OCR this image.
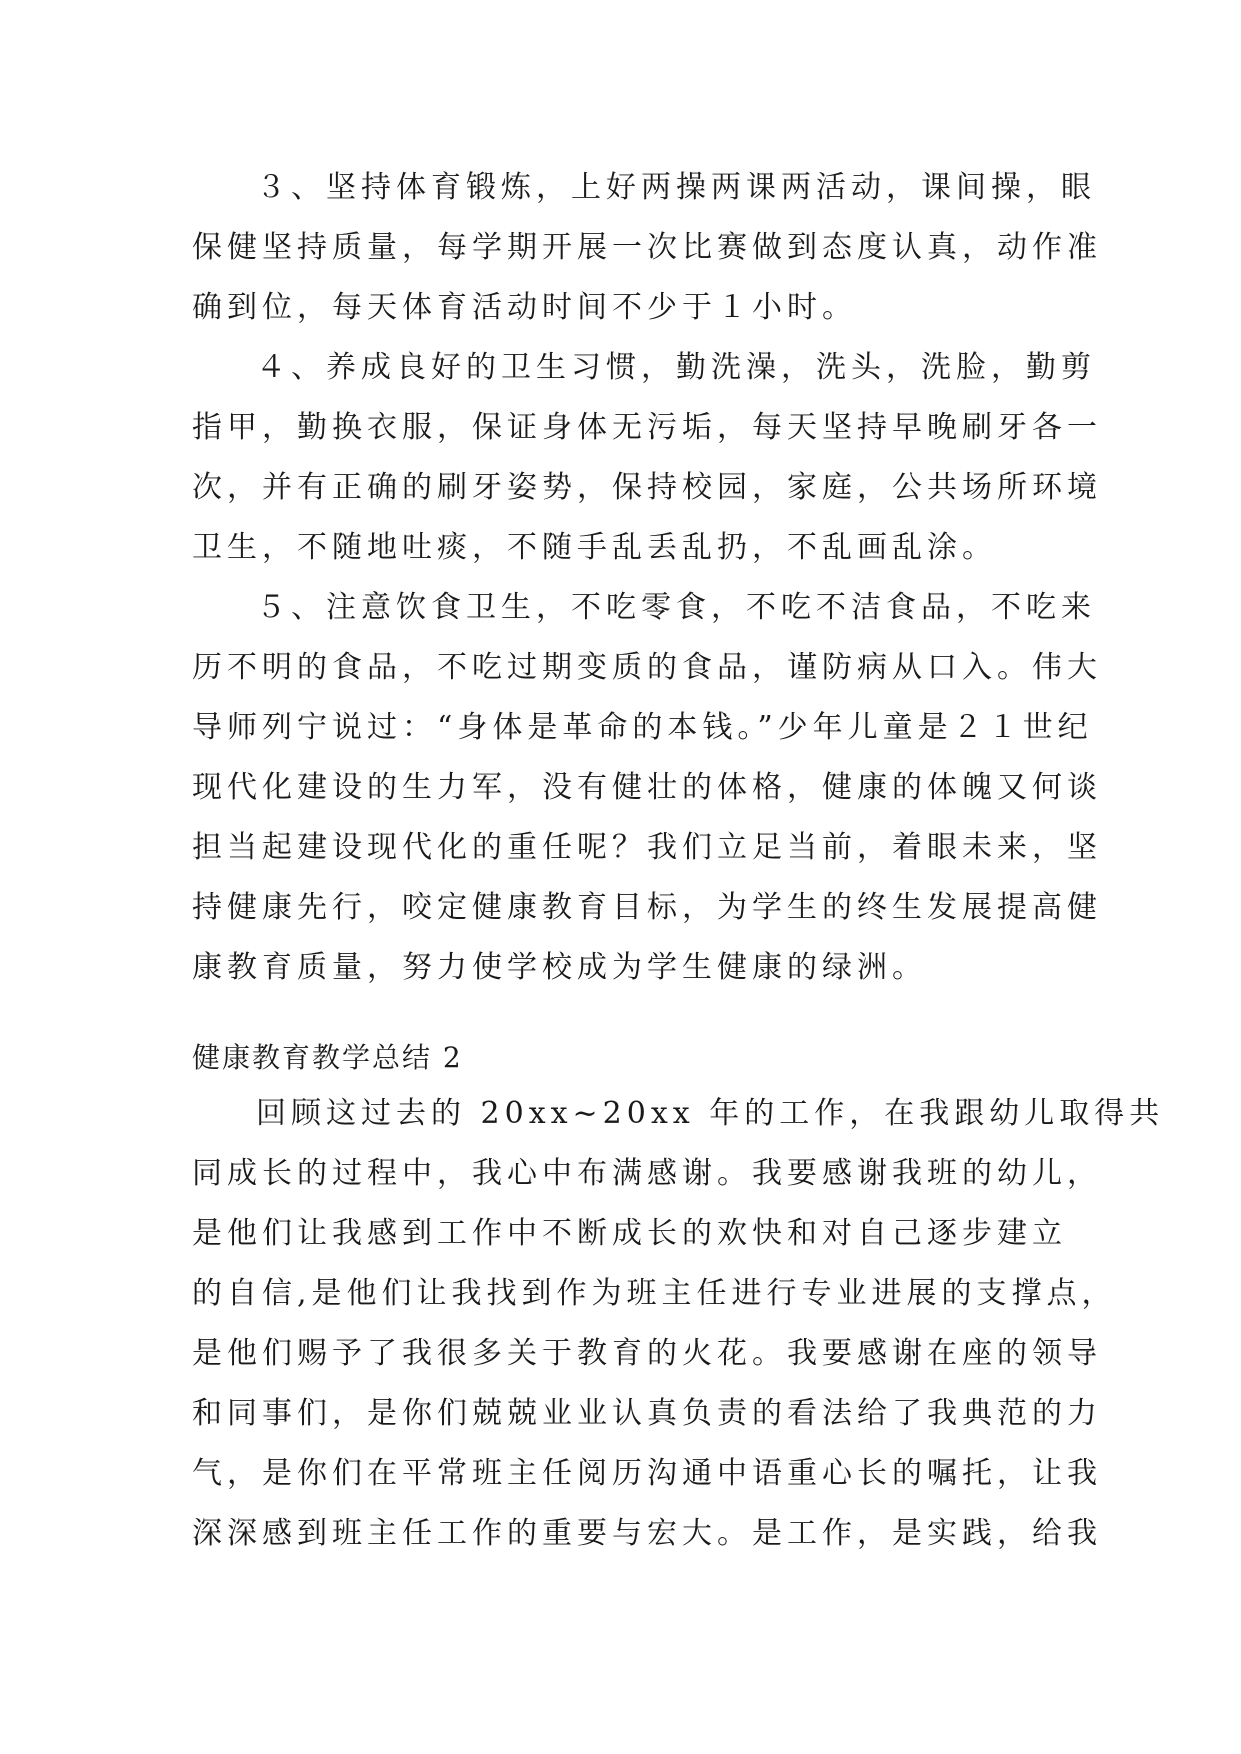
３、坚持体育锻炼，上好两操两课两活动，课间操，眼
保健坚持质量，每学期开展一次比赛做到态度认真，动作准
确到位，每天体育活动时间不少于１小时。
４、养成良好的卫生习惯，勤洗澡，洗头，洗脸，勤剪
指甲，勤换衣服，保证身体无污垢，每天坚持早晚刷牙各一
次，并有正确的刷牙姿势，保持校园，家庭，公共场所环境
卫生，不随地吐痰，不随手乱丢乱扔，不乱画乱涂。
５、注意饮食卫生，不吃零食，不吃不洁食品，不吃来
历不明的食品，不吃过期变质的食品，谨防病从口入。伟大
导师列宁说过：“身体是革命的本钱。”少年儿童是２１世纪
现代化建设的生力军，没有健壮的体格，健康的体魄又何谈
担当起建设现代化的重任呢？我们立足当前，着眼未来，坚
持健康先行，咬定健康教育目标，为学生的终生发展提高健
康教育质量，努力使学校成为学生健康的绿洲。
健康教育教学总结 2
回顾这过去的 20xx~20xx 年的工作，在我跟幼儿取得共
同成长的过程中，我心中布满感谢。我要感谢我班的幼儿，
是他们让我感到工作中不断成长的欢快和对自己逐步建立
的自信,是他们让我找到作为班主任进行专业进展的支撑点，
是他们赐予了我很多关于教育的火花。我要感谢在座的领导
和同事们，是你们兢兢业业认真负责的看法给了我典范的力
气，是你们在平常班主任阅历沟通中语重心长的嘱托，让我
深深感到班主任工作的重要与宏大。是工作，是实践，给我
